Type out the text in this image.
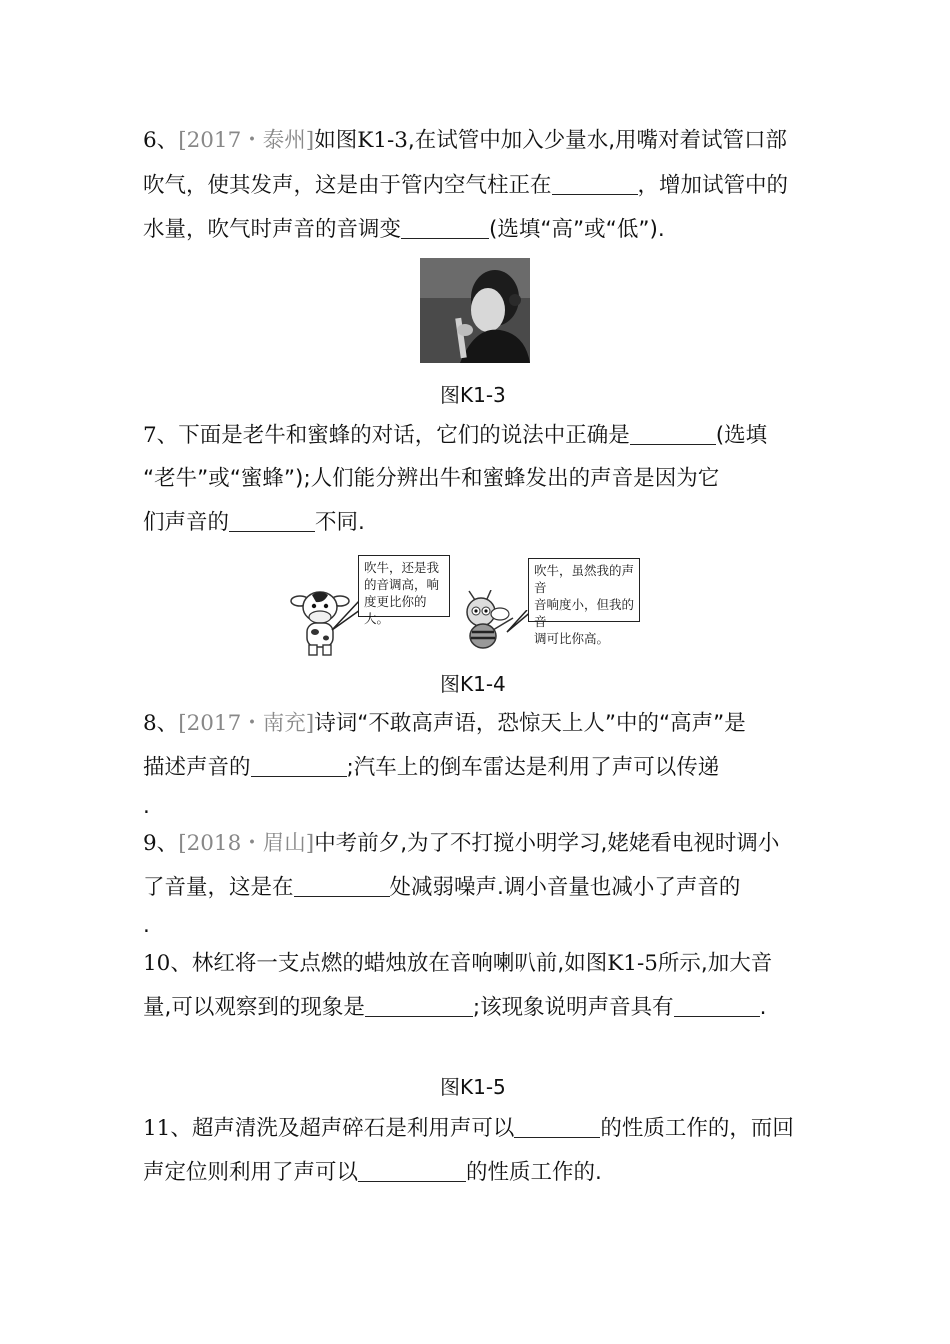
6、[2017・泰州]如图K1-3,在试管中加入少量水,用嘴对着试管口部
吹气，使其发声，这是由于管内空气柱正在	，增加试管中的
水量，吹气时声音的音调变	(选填“高”或“低”).
图K1-3
7、下面是老牛和蜜蜂的对话，它们的说法中正确是	(选填
“老牛”或“蜜蜂”);人们能分辨出牛和蜜蜂发出的声音是因为它
们声音的	不同.
吹牛，还是我
的音调高，响
度更比你的大。
吹牛，虽然我的声音
音响度小，但我的音
调可比你高。
图K1-4
8、[2017・南充]诗词“不敢高声语，恐惊天上人”中的“高声”是
描述声音的	;汽车上的倒车雷达是利用了声可以传递
.
9、[2018・眉山]中考前夕,为了不打搅小明学习,姥姥看电视时调小
了音量，这是在	处减弱噪声.调小音量也减小了声音的
.
10、林红将一支点燃的蜡烛放在音响喇叭前,如图K1-5所示,加大音
量,可以观察到的现象是	;该现象说明声音具有	.
图K1-5
11、超声清洗及超声碎石是利用声可以	的性质工作的，而回
声定位则利用了声可以	的性质工作的.
